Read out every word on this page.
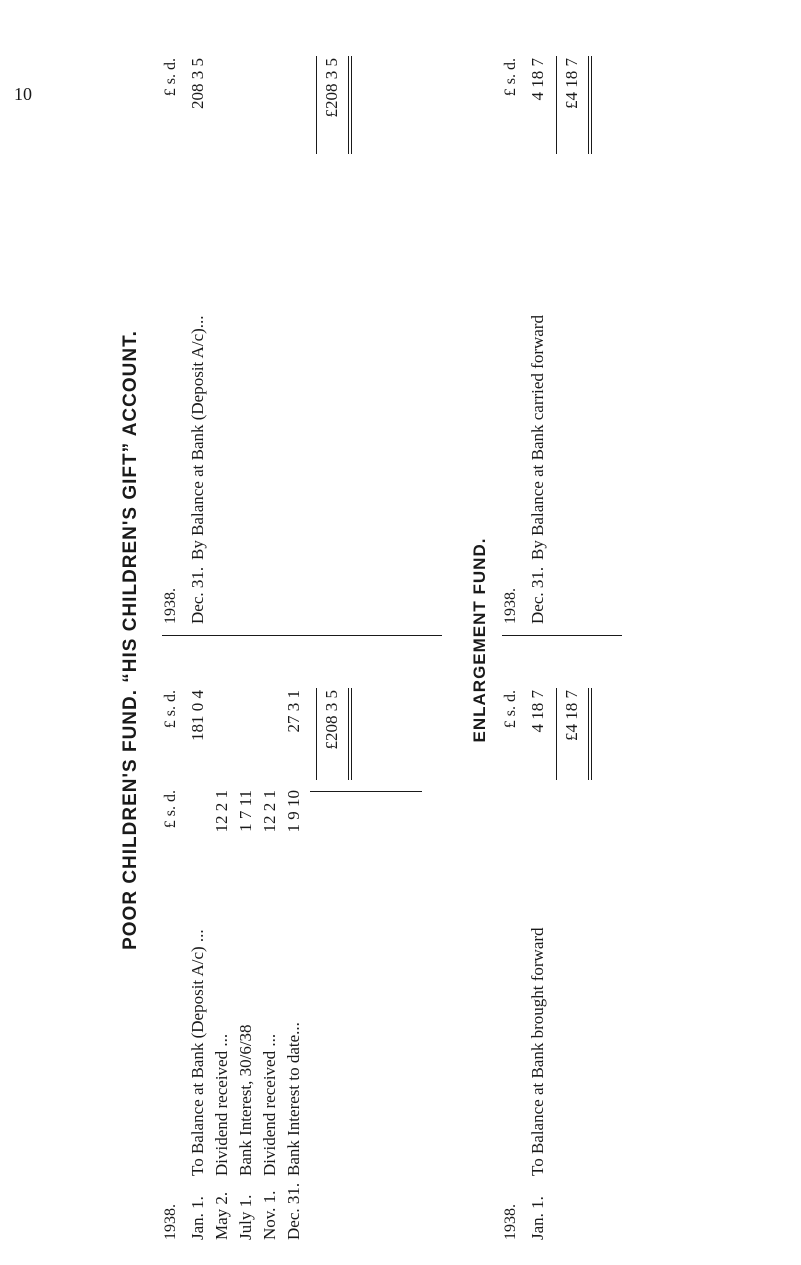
10
POOR CHILDREN'S FUND. “HIS CHILDREN'S GIFT” ACCOUNT.
1938.
£ s. d.
£ s. d.
Jan. 1.To Balance at Bank (Deposit A/c) ...
181 0 4
May 2.Dividend received ...
12 2 1
July 1.Bank Interest, 30/6/38
1 7 11
Nov. 1.Dividend received ...
12 2 1
Dec. 31.Bank Interest to date...
1 9 10
27 3 1 £208 3 5
1938.
£ s. d.
Dec. 31.By Balance at Bank (Deposit A/c)...
208 3 5	£208 3 5
ENLARGEMENT FUND.
1938.
£ s. d.
Jan. 1.To Balance at Bank brought forward
4 18 7 £4 18 7
1938.
£ s. d.
Dec. 31.By Balance at Bank carried forward
4 18 7 £4 18 7
